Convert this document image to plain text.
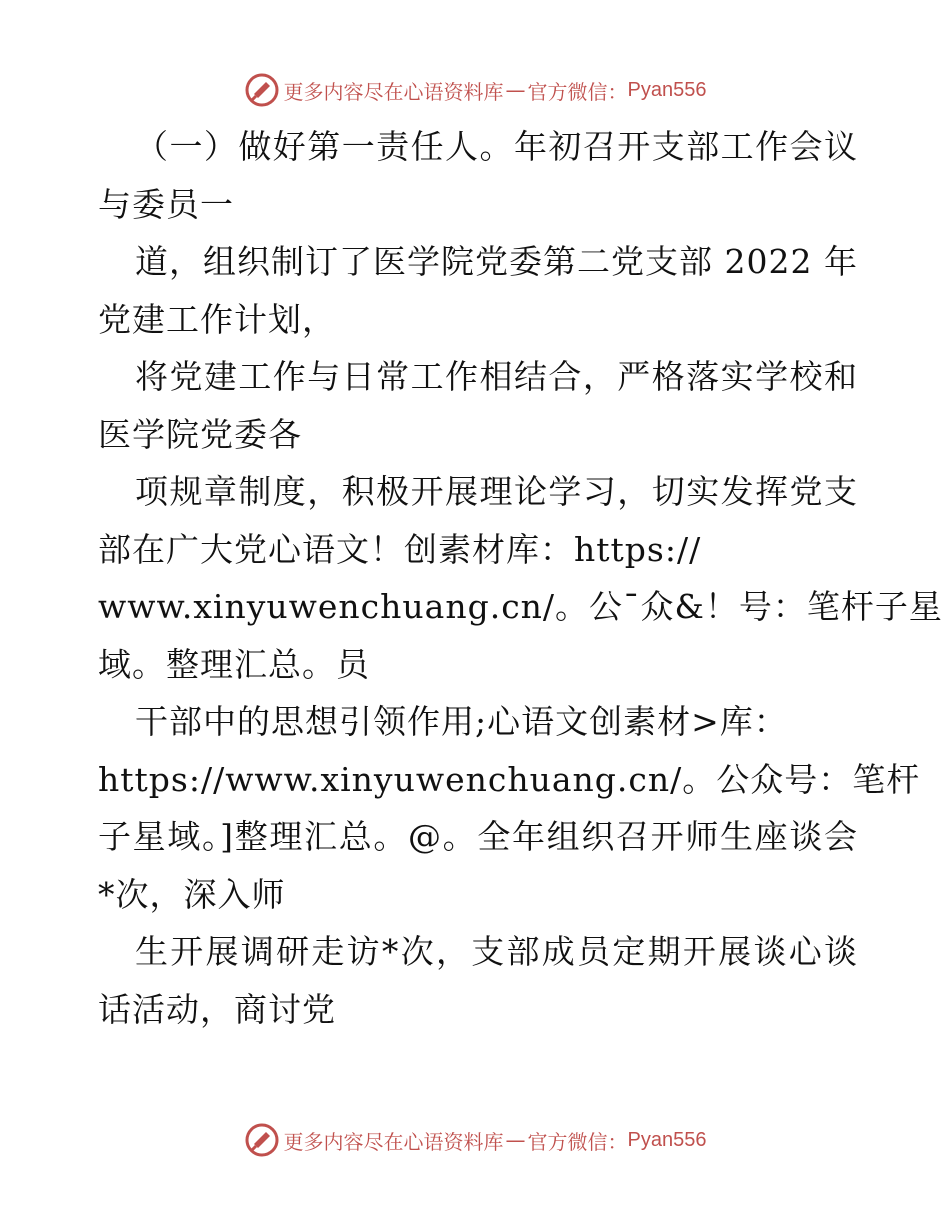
更多内容尽在心语资料库 — 官方微信： Pyan556
（一）做好第一责任人。年初召开支部工作会议
与委员一
道，组织制订了医学院党委第二党支部 2022 年
党建工作计划，
将党建工作与日常工作相结合，严格落实学校和
医学院党委各
项规章制度，积极开展理论学习，切实发挥党支
部在广大党心语文！创素材库：https://
www.xinyuwenchuang.cn/。公¯众&！号：笔杆子星
域。整理汇总。员
干部中的思想引领作用;心语文创素材>库：
https://www.xinyuwenchuang.cn/。公众号：笔杆
子星域。]整理汇总。@。全年组织召开师生座谈会
*次，深入师
生开展调研走访*次，支部成员定期开展谈心谈
话活动，商讨党
更多内容尽在心语资料库 — 官方微信： Pyan556
